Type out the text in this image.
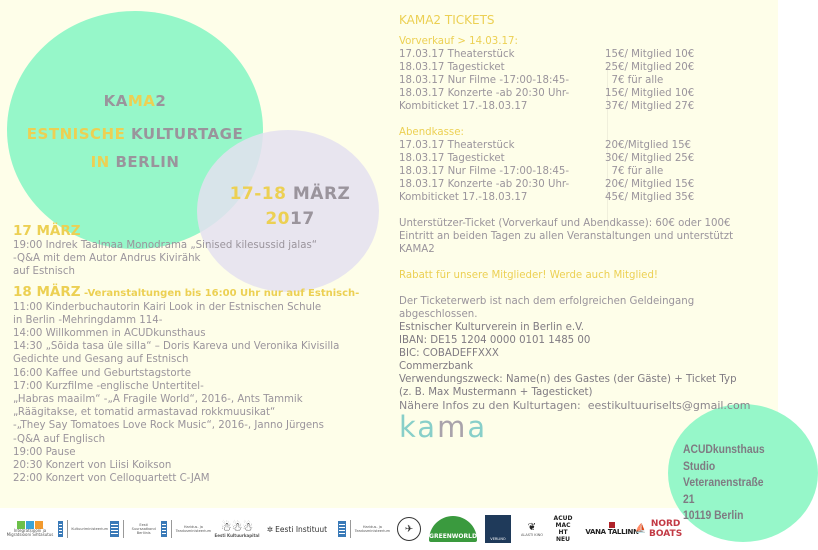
KAMA2
ESTNISCHE KULTURTAGE
IN BERLIN
17-18 MÄRZ
2017
17 MÄRZ
19:00 Indrek Taalmaa Monodrama „Sinised kilesussid jalas“
-Q&A mit dem Autor Andrus Kivirähk
auf Estnisch
18 MÄRZ -Veranstaltungen bis 16:00 Uhr nur auf Estnisch-
11:00 Kinderbuchautorin Kairi Look in der Estnischen Schule
in Berlin -Mehringdamm 114-
14:00 Willkommen in ACUDkunsthaus
14:30 „Sõida tasa üle silla“ – Doris Kareva und Veronika Kivisilla
Gedichte und Gesang auf Estnisch
16:00 Kaffee und Geburtstagstorte
17:00 Kurzfilme -englische Untertitel-
„Habras maailm“ -„A Fragile World“, 2016-, Ants Tammik
„Räägitakse, et tomatid armastavad rokkmuusikat“
-„They Say Tomatoes Love Rock Music“, 2016-, Janno Jürgens
-Q&A auf Englisch
19:00 Pause
20:30 Konzert von Liisi Koikson
22:00 Konzert von Celloquartett C-JAM
KAMA2 TICKETS
Vorverkauf > 14.03.17:
17.03.17 Theaterstück	15€/ Mitglied 10€
18.03.17 Tagesticket	25€/ Mitglied 20€
18.03.17 Nur Filme -17:00-18:45-	7€ für alle
18.03.17 Konzerte -ab 20:30 Uhr-	15€/ Mitglied 10€
Kombiticket 17.-18.03.17	37€/ Mitglied 27€
Abendkasse:
17.03.17 Theaterstück	20€/Mitglied 15€
18.03.17 Tagesticket	30€/ Mitglied 25€
18.03.17 Nur Filme -17:00-18:45-	7€ für alle
18.03.17 Konzerte -ab 20:30 Uhr-	20€/ Mitglied 15€
Kombiticket 17.-18.03.17	45€/ Mitglied 35€
Unterstützer-Ticket (Vorverkauf und Abendkasse): 60€ oder 100€
Eintritt an beiden Tagen zu allen Veranstaltungen und unterstützt
KAMA2
Rabatt für unsere Mitglieder! Werde auch Mitglied!
Der Ticketerwerb ist nach dem erfolgreichen Geldeingang
abgeschlossen.
Estnischer Kulturverein in Berlin e.V.
IBAN: DE15 1204 0000 0101 1485 00
BIC: COBADEFFXXX
Commerzbank
Verwendungszweck: Name(n) des Gastes (der Gäste) + Ticket Typ
(z. B. Max Mustermann + Tagesticket)
Nähere Infos zu den Kulturtagen:  eestikultuuriselts@gmail.com
kama
ACUDkunsthaus
Studio
Veteranenstraße 21
10119 Berlin
Integratsiooni ja Migratsiooni Sihtasutus
Kultuuriministeerium
Eesti Suursaatkond Berliinis
Haridus- ja Teadusministeerium ☃☃☃
Eesti Kultuurkapital
✲ Eesti Instituut	Haridus- ja Teadusministeerium	✈
GREENWORLD	VERLINO
❦
ALASTI KINO
ACUD MACHT NEU
VANA TALLINN
⛵ NORD BOATS
